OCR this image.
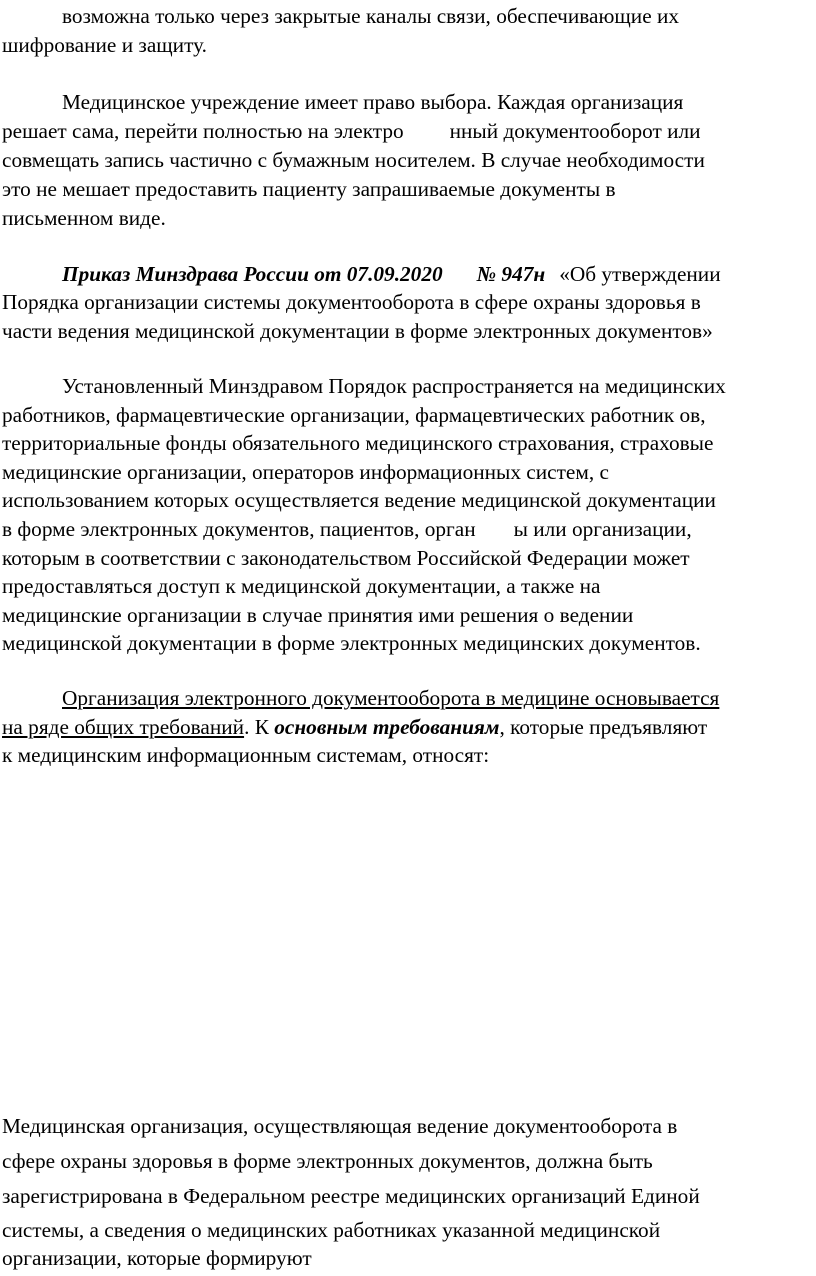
возможна только через закрытые каналы связи, обеспечивающие их
шифрование и защиту.
Медицинское учреждение имеет право выбора. Каждая организация
решает сама, перейти полностью на электро нный документооборот или
совмещать запись частично с бумажным носителем. В случае необходимости
это не мешает предоставить пациенту запрашиваемые документы в
письменном виде.
Приказ Минздрава России от 07.09.2020 № 947н «Об утверждении
Порядка организации системы документооборота в сфере охраны здоровья в
части ведения медицинской документации в форме электронных документов»
Установленный Минздравом Порядок распространяется на медицинских
работников, фармацевтические организации, фармацевтических работник ов,
территориальные фонды обязательного медицинского страхования, страховые
медицинские организации, операторов информационных систем, с
использованием которых осуществляется ведение медицинской документации
в форме электронных документов, пациентов, орган ы или организации,
которым в соответствии с законодательством Российской Федерации может
предоставляться доступ к медицинской документации, а также на
медицинские организации в случае принятия ими решения о ведении
медицинской документации в форме электронных медицинских документов.
Организация электронного документооборота в медицине основывается
на ряде общих требований. К основным требованиям, которые предъявляют
к медицинским информационным системам, относят:
Медицинская организация, осуществляющая ведение документооборота в
сфере охраны здоровья в форме электронных документов, должна быть
зарегистрирована в Федеральном реестре медицинских организаций Единой
системы, а сведения о медицинских работниках указанной медицинской
организации, которые формируют
